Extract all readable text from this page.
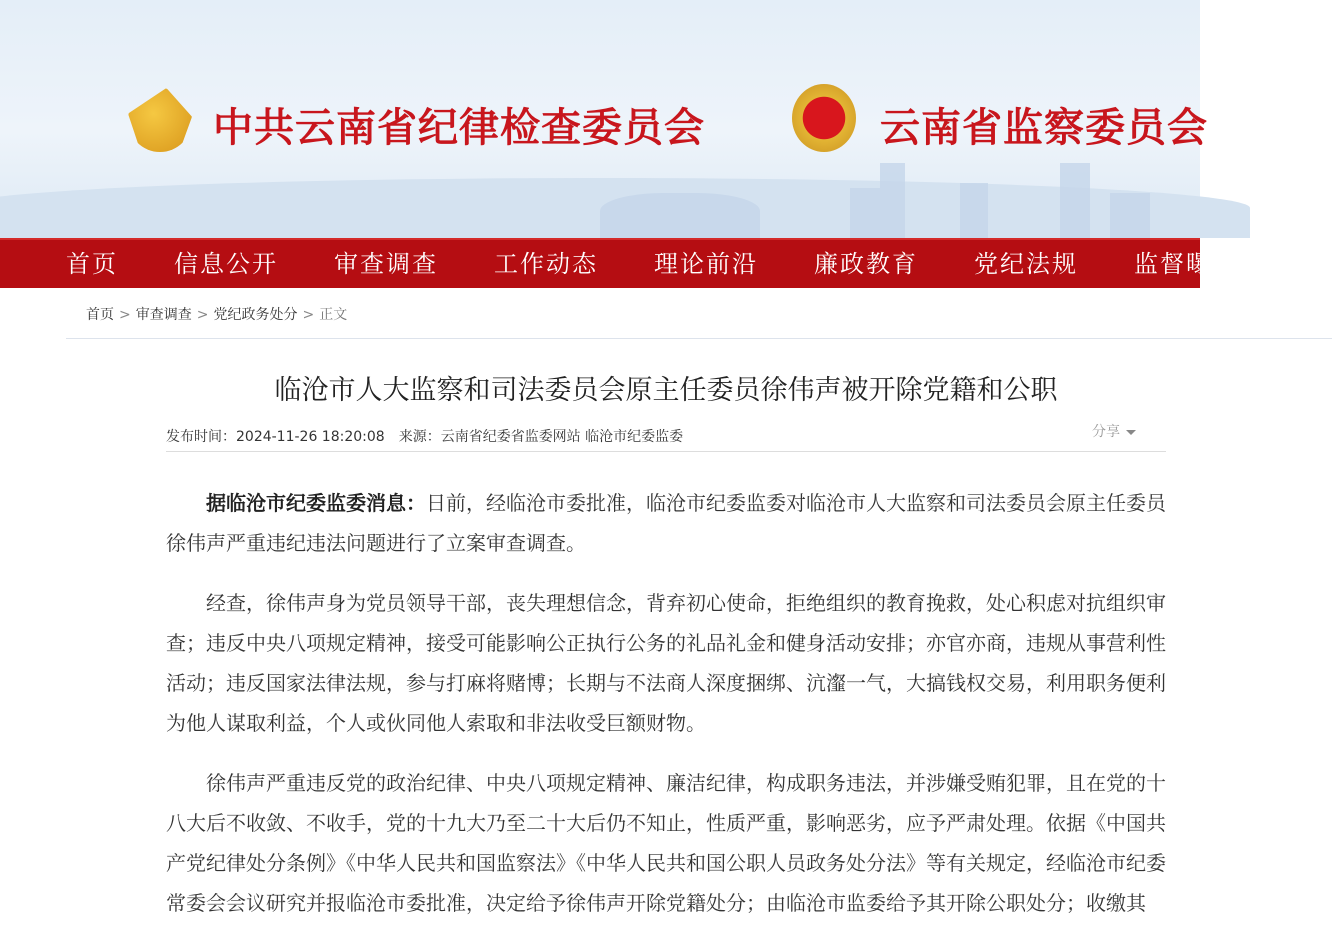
中共云南省纪律检查委员会	云南省监察委员会
首页	信息公开	审查调查	工作动态	理论前沿	廉政教育	党纪法规	监督曝光
首页 > 审查调查 > 党纪政务处分 > 正文
临沧市人大监察和司法委员会原主任委员徐伟声被开除党籍和公职
发布时间：2024-11-26 18:20:08　来源：云南省纪委省监委网站 临沧市纪委监委	分享

据临沧市纪委监委消息：日前，经临沧市委批准，临沧市纪委监委对临沧市人大监察和司法委员会原主任委员徐伟声严重违纪违法问题进行了立案审查调查。

经查，徐伟声身为党员领导干部，丧失理想信念，背弃初心使命，拒绝组织的教育挽救，处心积虑对抗组织审查；违反中央八项规定精神，接受可能影响公正执行公务的礼品礼金和健身活动安排；亦官亦商，违规从事营利性活动；违反国家法律法规，参与打麻将赌博；长期与不法商人深度捆绑、沆瀣一气，大搞钱权交易，利用职务便利为他人谋取利益，个人或伙同他人索取和非法收受巨额财物。

徐伟声严重违反党的政治纪律、中央八项规定精神、廉洁纪律，构成职务违法，并涉嫌受贿犯罪，且在党的十八大后不收敛、不收手，党的十九大乃至二十大后仍不知止，性质严重，影响恶劣，应予严肃处理。依据《中国共产党纪律处分条例》《中华人民共和国监察法》《中华人民共和国公职人员政务处分法》等有关规定，经临沧市纪委常委会会议研究并报临沧市委批准，决定给予徐伟声开除党籍处分；由临沧市监委给予其开除公职处分；收缴其
